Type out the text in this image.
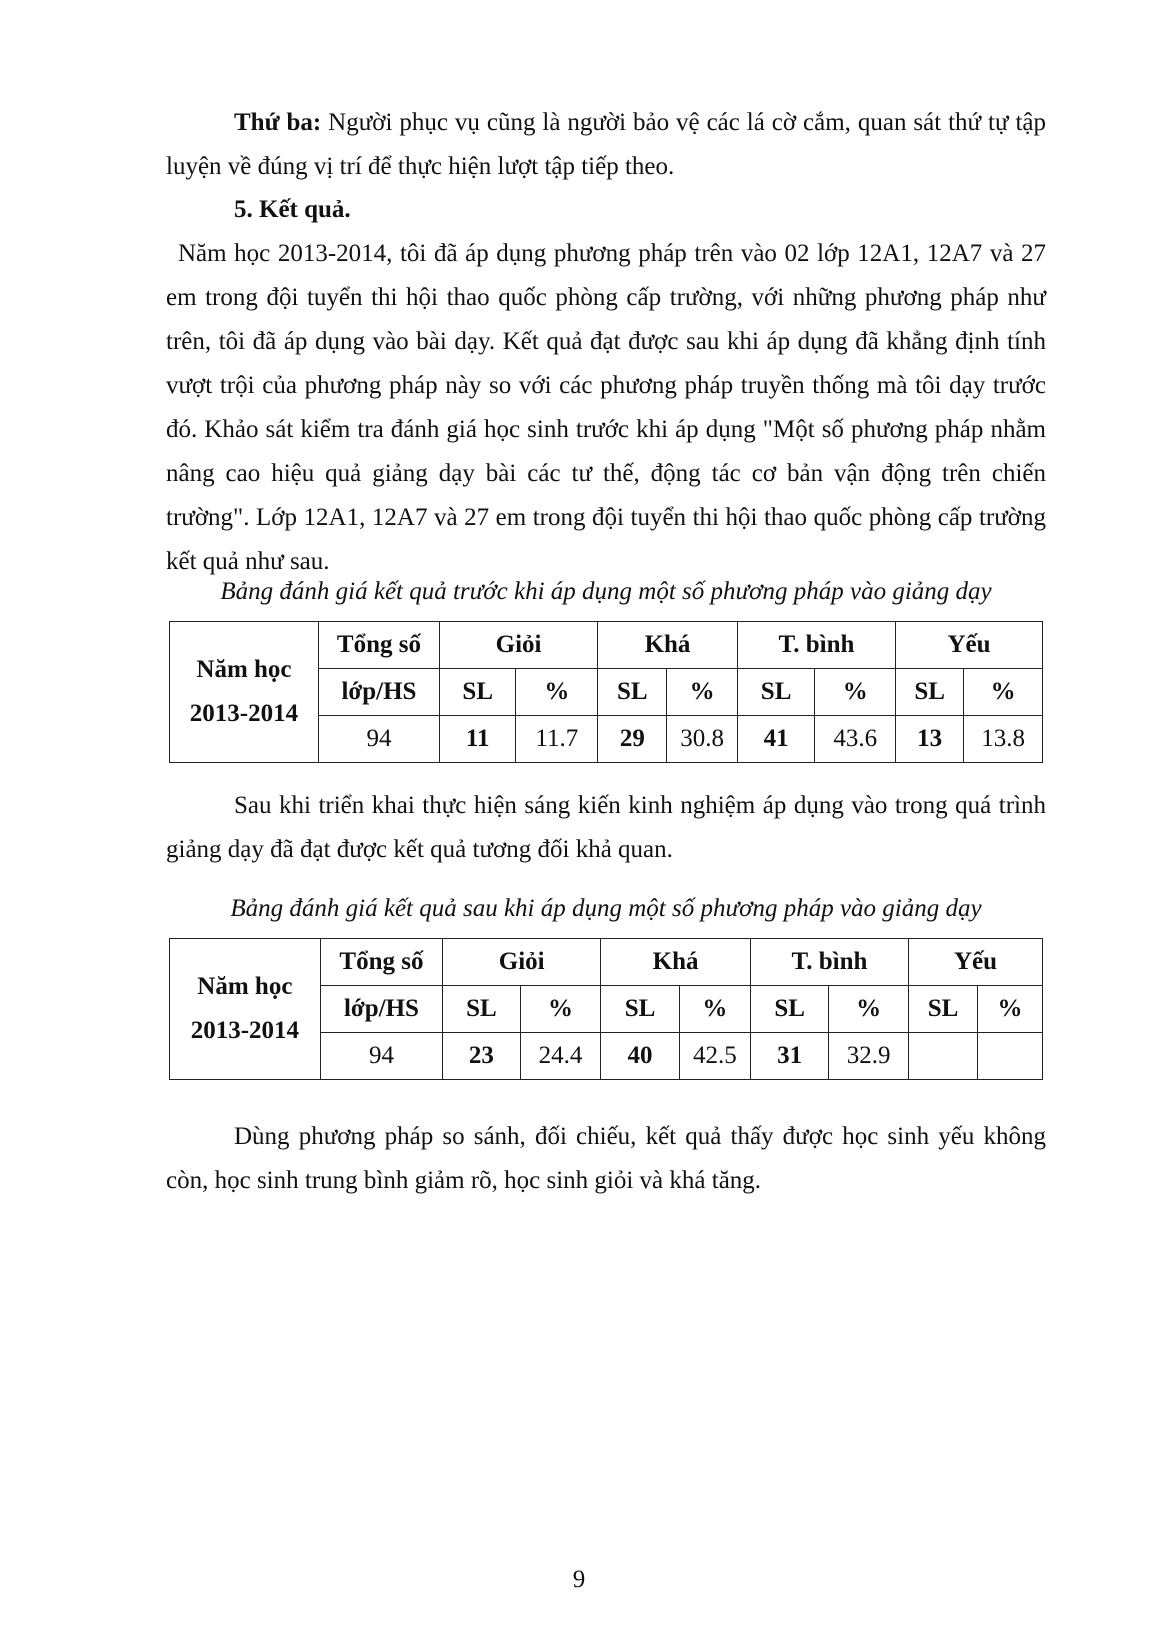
Thứ ba: Người phục vụ cũng là người bảo vệ các lá cờ cắm, quan sát thứ tự tập luyện về đúng vị trí để thực hiện lượt tập tiếp theo.

5. Kết quả.

Năm học 2013-2014, tôi đã áp dụng phương pháp trên vào 02 lớp 12A1, 12A7 và 27 em trong đội tuyển thi hội thao quốc phòng cấp trường, với những phương pháp như trên, tôi đã áp dụng vào bài dạy. Kết quả đạt được sau khi áp dụng đã khẳng định tính vượt trội của phương pháp này so với các phương pháp truyền thống mà tôi dạy trước đó. Khảo sát kiểm tra đánh giá học sinh trước khi áp dụng "Một số phương pháp nhằm nâng cao hiệu quả giảng dạy bài các tư thế, động tác cơ bản vận động trên chiến trường". Lớp 12A1, 12A7 và 27 em trong đội tuyển thi hội thao quốc phòng cấp trường kết quả như sau.

Bảng đánh giá kết quả trước khi áp dụng một số phương pháp vào giảng dạy

Năm học
2013-2014	Tổng số	Giỏi		Khá		T. bình		Yếu	
	lớp/HS	SL	%	SL	%	SL	%	SL	%
	94	11	11.7	29	30.8	41	43.6	13	13.8

Sau khi triển khai thực hiện sáng kiến kinh nghiệm áp dụng vào trong quá trình giảng dạy đã đạt được kết quả tương đối khả quan.

Bảng đánh giá kết quả sau khi áp dụng một số phương pháp vào giảng dạy

Năm học
2013-2014	Tổng số	Giỏi		Khá		T. bình		Yếu	
	lớp/HS	SL	%	SL	%	SL	%	SL	%
	94	23	24.4	40	42.5	31	32.9		

Dùng phương pháp so sánh, đối chiếu, kết quả thấy được học sinh yếu không còn, học sinh trung bình giảm rõ, học sinh giỏi và khá tăng.

9
